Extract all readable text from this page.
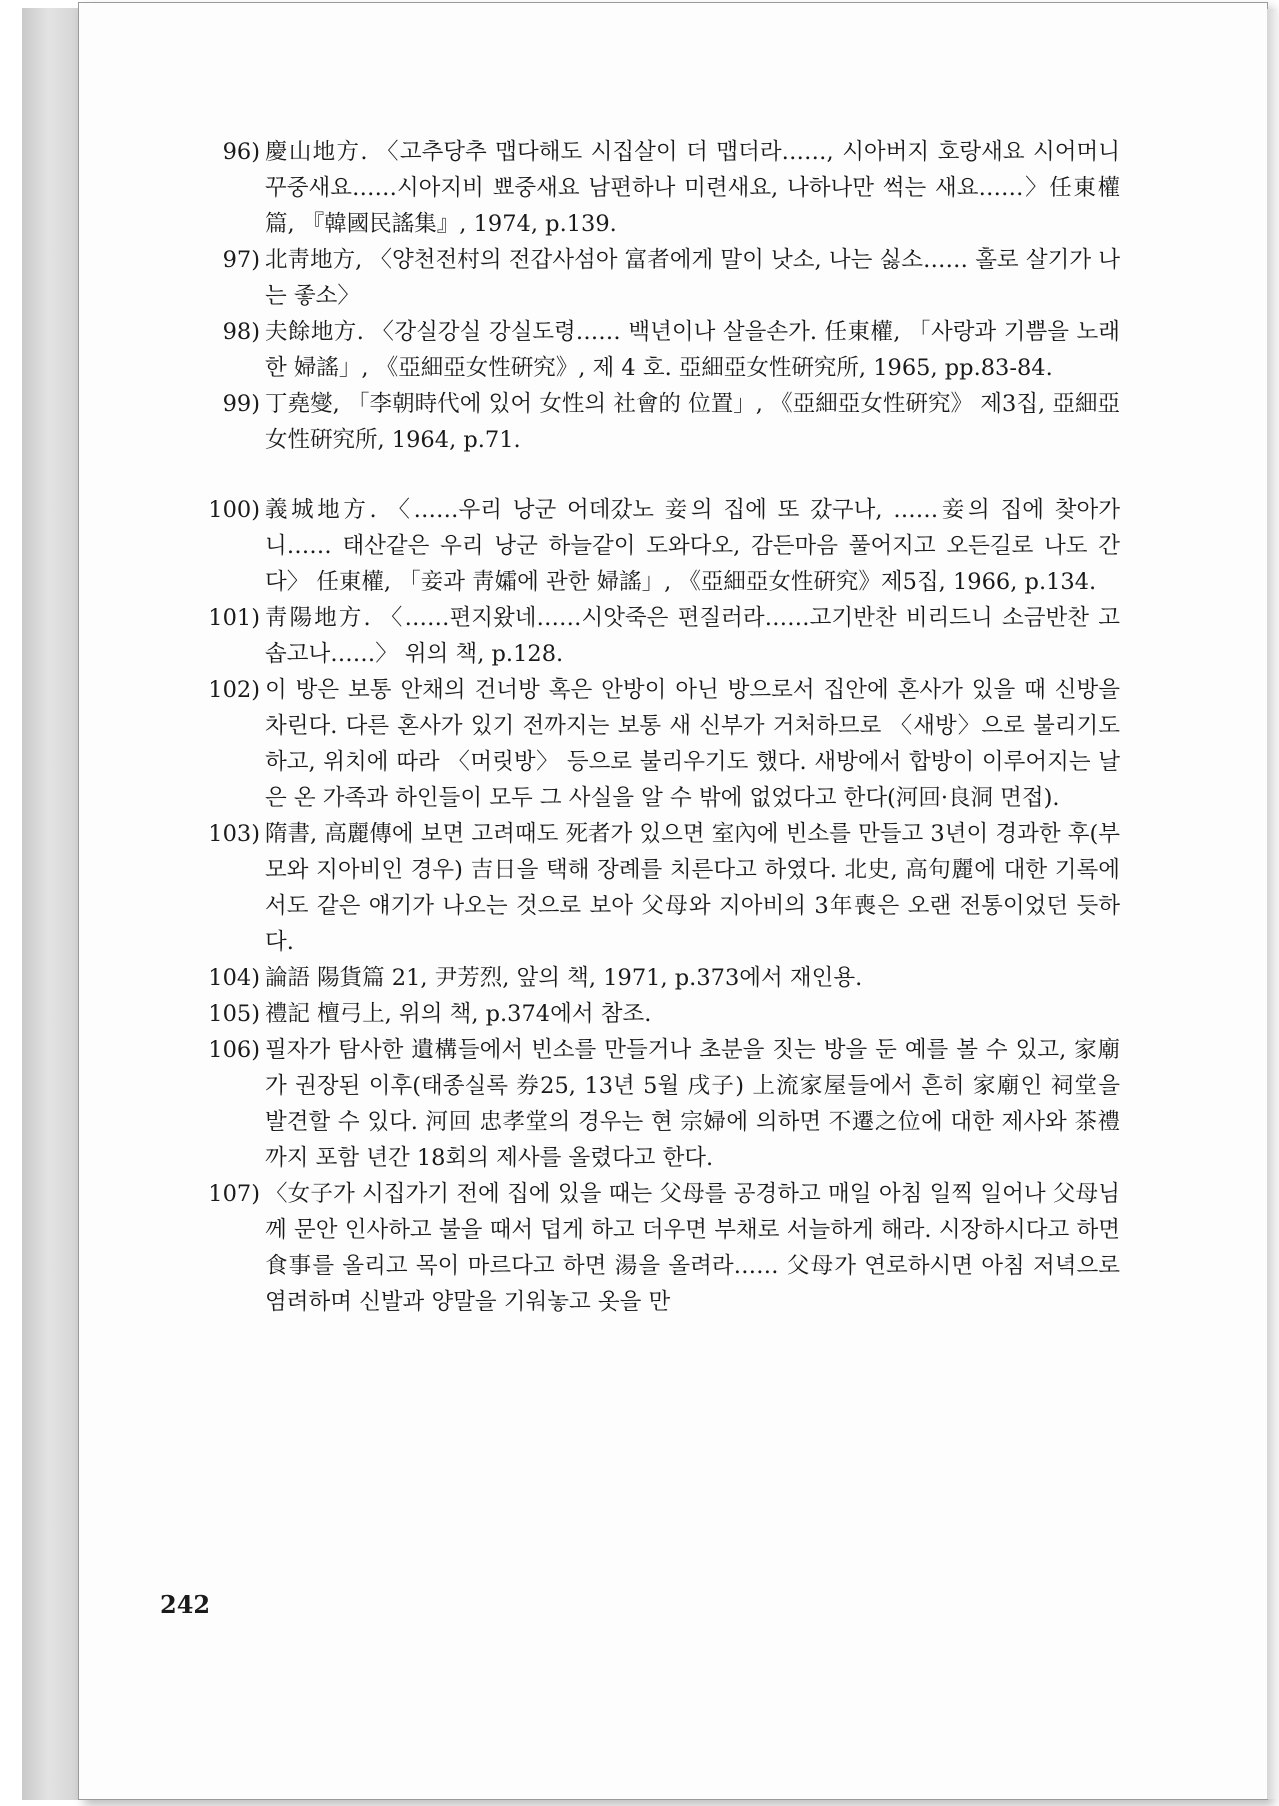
96) 慶山地方. 〈고추당추 맵다해도 시집살이 더 맵더라……, 시아버지 호랑새요 시어머니 꾸중새요……시아지비 뾰중새요 남편하나 미련새요, 나하나만 썩는 새요……〉任東權 篇, 『韓國民謠集』, 1974, p.139.
97) 北靑地方, 〈양천전村의 전갑사섬아 富者에게 말이 낫소, 나는 싫소…… 홀로 살기가 나는 좋소〉
98) 夫餘地方. 〈강실강실 강실도령…… 백년이나 살을손가. 任東權, 「사랑과 기쁨을 노래한 婦謠」, 《亞細亞女性硏究》, 제 4 호. 亞細亞女性硏究所, 1965, pp.83-84.
99) 丁堯燮, 「李朝時代에 있어 女性의 社會的 位置」, 《亞細亞女性硏究》 제3집, 亞細亞女性硏究所, 1964, p.71.
100) 義城地方. 〈……우리 낭군 어데갔노 妾의 집에 또 갔구나, ……妾의 집에 찾아가니…… 태산같은 우리 낭군 하늘같이 도와다오, 감든마음 풀어지고 오든길로 나도 간다〉 任東權, 「妾과 靑孀에 관한 婦謠」, 《亞細亞女性硏究》제5집, 1966, p.134.
101) 靑陽地方. 〈……편지왔네……시앗죽은 편질러라……고기반찬 비리드니 소금반찬 고솝고나……〉 위의 책, p.128.
102) 이 방은 보통 안채의 건너방 혹은 안방이 아닌 방으로서 집안에 혼사가 있을 때 신방을 차린다. 다른 혼사가 있기 전까지는 보통 새 신부가 거처하므로 〈새방〉으로 불리기도 하고, 위치에 따라 〈머릿방〉 등으로 불리우기도 했다. 새방에서 합방이 이루어지는 날은 온 가족과 하인들이 모두 그 사실을 알 수 밖에 없었다고 한다(河回·良洞 면접).
103) 隋書, 高麗傳에 보면 고려때도 死者가 있으면 室內에 빈소를 만들고 3년이 경과한 후(부모와 지아비인 경우) 吉日을 택해 장례를 치른다고 하였다. 北史, 高句麗에 대한 기록에서도 같은 얘기가 나오는 것으로 보아 父母와 지아비의 3年喪은 오랜 전통이었던 듯하다.
104) 論語 陽貨篇 21, 尹芳烈, 앞의 책, 1971, p.373에서 재인용.
105) 禮記 檀弓上, 위의 책, p.374에서 참조.
106) 필자가 탐사한 遺構들에서 빈소를 만들거나 초분을 짓는 방을 둔 예를 볼 수 있고, 家廟가 권장된 이후(태종실록 券25, 13년 5월 戌子) 上流家屋들에서 흔히 家廟인 祠堂을 발견할 수 있다. 河回 忠孝堂의 경우는 현 宗婦에 의하면 不遷之位에 대한 제사와 茶禮까지 포함 년간 18회의 제사를 올렸다고 한다.
107) 〈女子가 시집가기 전에 집에 있을 때는 父母를 공경하고 매일 아침 일찍 일어나 父母님께 문안 인사하고 불을 때서 덥게 하고 더우면 부채로 서늘하게 해라. 시장하시다고 하면 食事를 올리고 목이 마르다고 하면 湯을 올려라…… 父母가 연로하시면 아침 저녁으로 염려하며 신발과 양말을 기워놓고 옷을 만
242
